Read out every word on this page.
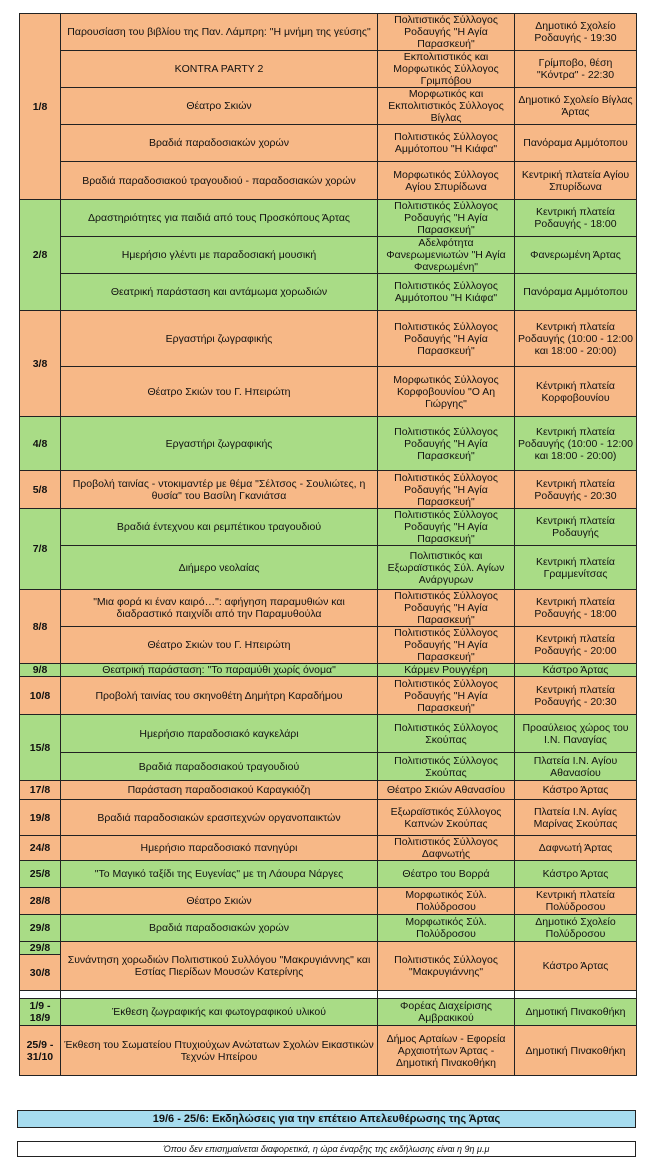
1/8	Παρουσίαση του βιβλίου της Παν. Λάμπρη: "Η μνήμη της γεύσης"	Πολιτιστικός Σύλλογος Ροδαυγής "Η Αγία Παρασκευή"	Δημοτικό Σχολείο Ροδαυγής - 19:30
	KONTRA PARTY 2	Εκπολιτιστικός και Μορφωτικός Σύλλογος Γριμπόβου	Γρίμποβο, θέση "Κόντρα" - 22:30
	Θέατρο Σκιών	Μορφωτικός και Εκπολιτιστικός Σύλλογος Βίγλας	Δημοτικό Σχολείο Βίγλας Άρτας
	Βραδιά παραδοσιακών χορών	Πολιτιστικός Σύλλογος Αμμότοπου "Η Κιάφα"	Πανόραμα Αμμότοπου
	Βραδιά παραδοσιακού τραγουδιού - παραδοσιακών χορών	Μορφωτικός Σύλλογος Αγίου Σπυρίδωνα	Κεντρική πλατεία Αγίου Σπυρίδωνα
2/8	Δραστηριότητες για παιδιά από τους Προσκόπους Άρτας	Πολιτιστικός Σύλλογος Ροδαυγής "Η Αγία Παρασκευή"	Κεντρική πλατεία Ροδαυγής - 18:00
	Ημερήσιο γλέντι με παραδοσιακή μουσική	Αδελφότητα Φανερωμενιωτών "Η Αγία Φανερωμένη"	Φανερωμένη Άρτας
	Θεατρική παράσταση και αντάμωμα χορωδιών	Πολιτιστικός Σύλλογος Αμμότοπου "Η Κιάφα"	Πανόραμα Αμμότοπου
3/8	Εργαστήρι ζωγραφικής	Πολιτιστικός Σύλλογος Ροδαυγής "Η Αγία Παρασκευή"	Κεντρική πλατεία Ροδαυγής (10:00 - 12:00 και 18:00 - 20:00)
	Θέατρο Σκιών του Γ. Ηπειρώτη	Μορφωτικός Σύλλογος Κορφοβουνίου "Ο Αη Γιώργης"	Κέντρική πλατεία Κορφοβουνίου
4/8	Εργαστήρι ζωγραφικής	Πολιτιστικός Σύλλογος Ροδαυγής "Η Αγία Παρασκευή"	Κεντρική πλατεία Ροδαυγής (10:00 - 12:00 και 18:00 - 20:00)
5/8	Προβολή ταινίας - ντοκιμαντέρ με θέμα "Σέλτσος - Σουλιώτες, η θυσία" του Βασίλη Γκανιάτσα	Πολιτιστικός Σύλλογος Ροδαυγής "Η Αγία Παρασκευή"	Κεντρική πλατεία Ροδαυγής - 20:30
7/8	Βραδιά έντεχνου και ρεμπέτικου τραγουδιού	Πολιτιστικός Σύλλογος Ροδαυγής "Η Αγία Παρασκευή"	Κεντρική πλατεία Ροδαυγής
	Διήμερο νεολαίας	Πολιτιστικός και Εξωραϊστικός Σύλ. Αγίων Ανάργυρων	Κεντρική πλατεία Γραμμενίτσας
8/8	"Μια φορά κι έναν καιρό…": αφήγηση παραμυθιών και διαδραστικό παιχνίδι από την Παραμυθούλα	Πολιτιστικός Σύλλογος Ροδαυγής "Η Αγία Παρασκευή"	Κεντρική πλατεία Ροδαυγής - 18:00
	Θέατρο Σκιών του Γ. Ηπειρώτη	Πολιτιστικός Σύλλογος Ροδαυγής "Η Αγία Παρασκευή"	Κεντρική πλατεία Ροδαυγής - 20:00
9/8	Θεατρική παράσταση: "Το παραμύθι χωρίς όνομα"	Κάρμεν Ρουγγέρη	Κάστρο Άρτας
10/8	Προβολή ταινίας του σκηνοθέτη Δημήτρη Καραδήμου	Πολιτιστικός Σύλλογος Ροδαυγής "Η Αγία Παρασκευή"	Κεντρική πλατεία Ροδαυγής - 20:30
15/8	Ημερήσιο παραδοσιακό καγκελάρι	Πολιτιστικός Σύλλογος Σκούπας	Προαύλειος χώρος του Ι.Ν. Παναγίας
	Βραδιά παραδοσιακού τραγουδιού	Πολιτιστικός Σύλλογος Σκούπας	Πλατεία Ι.Ν. Αγίου Αθανασίου
17/8	Παράσταση παραδοσιακού Καραγκιόζη	Θέατρο Σκιών Αθανασίου	Κάστρο Άρτας
19/8	Βραδιά παραδοσιακών ερασιτεχνών οργανοπαικτών	Εξωραϊστικός Σύλλογος Καπνών Σκούπας	Πλατεία Ι.Ν. Αγίας Μαρίνας Σκούπας
24/8	Ημερήσιο παραδοσιακό πανηγύρι	Πολιτιστικός Σύλλογος Δαφνωτής	Δαφνωτή Άρτας
25/8	"Το Μαγικό ταξίδι της Ευγενίας" με τη Λάουρα Νάργες	Θέατρο του Βορρά	Κάστρο Άρτας
28/8	Θέατρο Σκιών	Μορφωτικός Σύλ. Πολύδροσου	Κεντρική πλατεία Πολύδροσου
29/8	Βραδιά παραδοσιακών χορών	Μορφωτικός Σύλ. Πολύδροσου	Δημοτικό Σχολείο Πολύδροσου
29/8	Συνάντηση χορωδιών Πολιτιστικού Συλλόγου "Μακρυγιάννης" και Εστίας Πιερίδων Μουσών Κατερίνης	Πολιτιστικός Σύλλογος "Μακρυγιάννης"	Κάστρο Άρτας
30/8			

1/9 - 18/9	Έκθεση ζωγραφικής και φωτογραφικού υλικού	Φορέας Διαχείρισης Αμβρακικού	Δημοτική Πινακοθήκη
25/9 - 31/10	Έκθεση του Σωματείου Πτυχιούχων Ανώτατων Σχολών Εικαστικών Τεχνών Ηπείρου	Δήμος Αρταίων - Εφορεία Αρχαιοτήτων Άρτας - Δημοτική Πινακοθήκη	Δημοτική Πινακοθήκη
19/6 - 25/6: Εκδηλώσεις για την επέτειο Απελευθέρωσης της Άρτας
Όπου δεν επισημαίνεται διαφορετικά, η ώρα έναρξης της εκδήλωσης είναι η 9η μ.μ
